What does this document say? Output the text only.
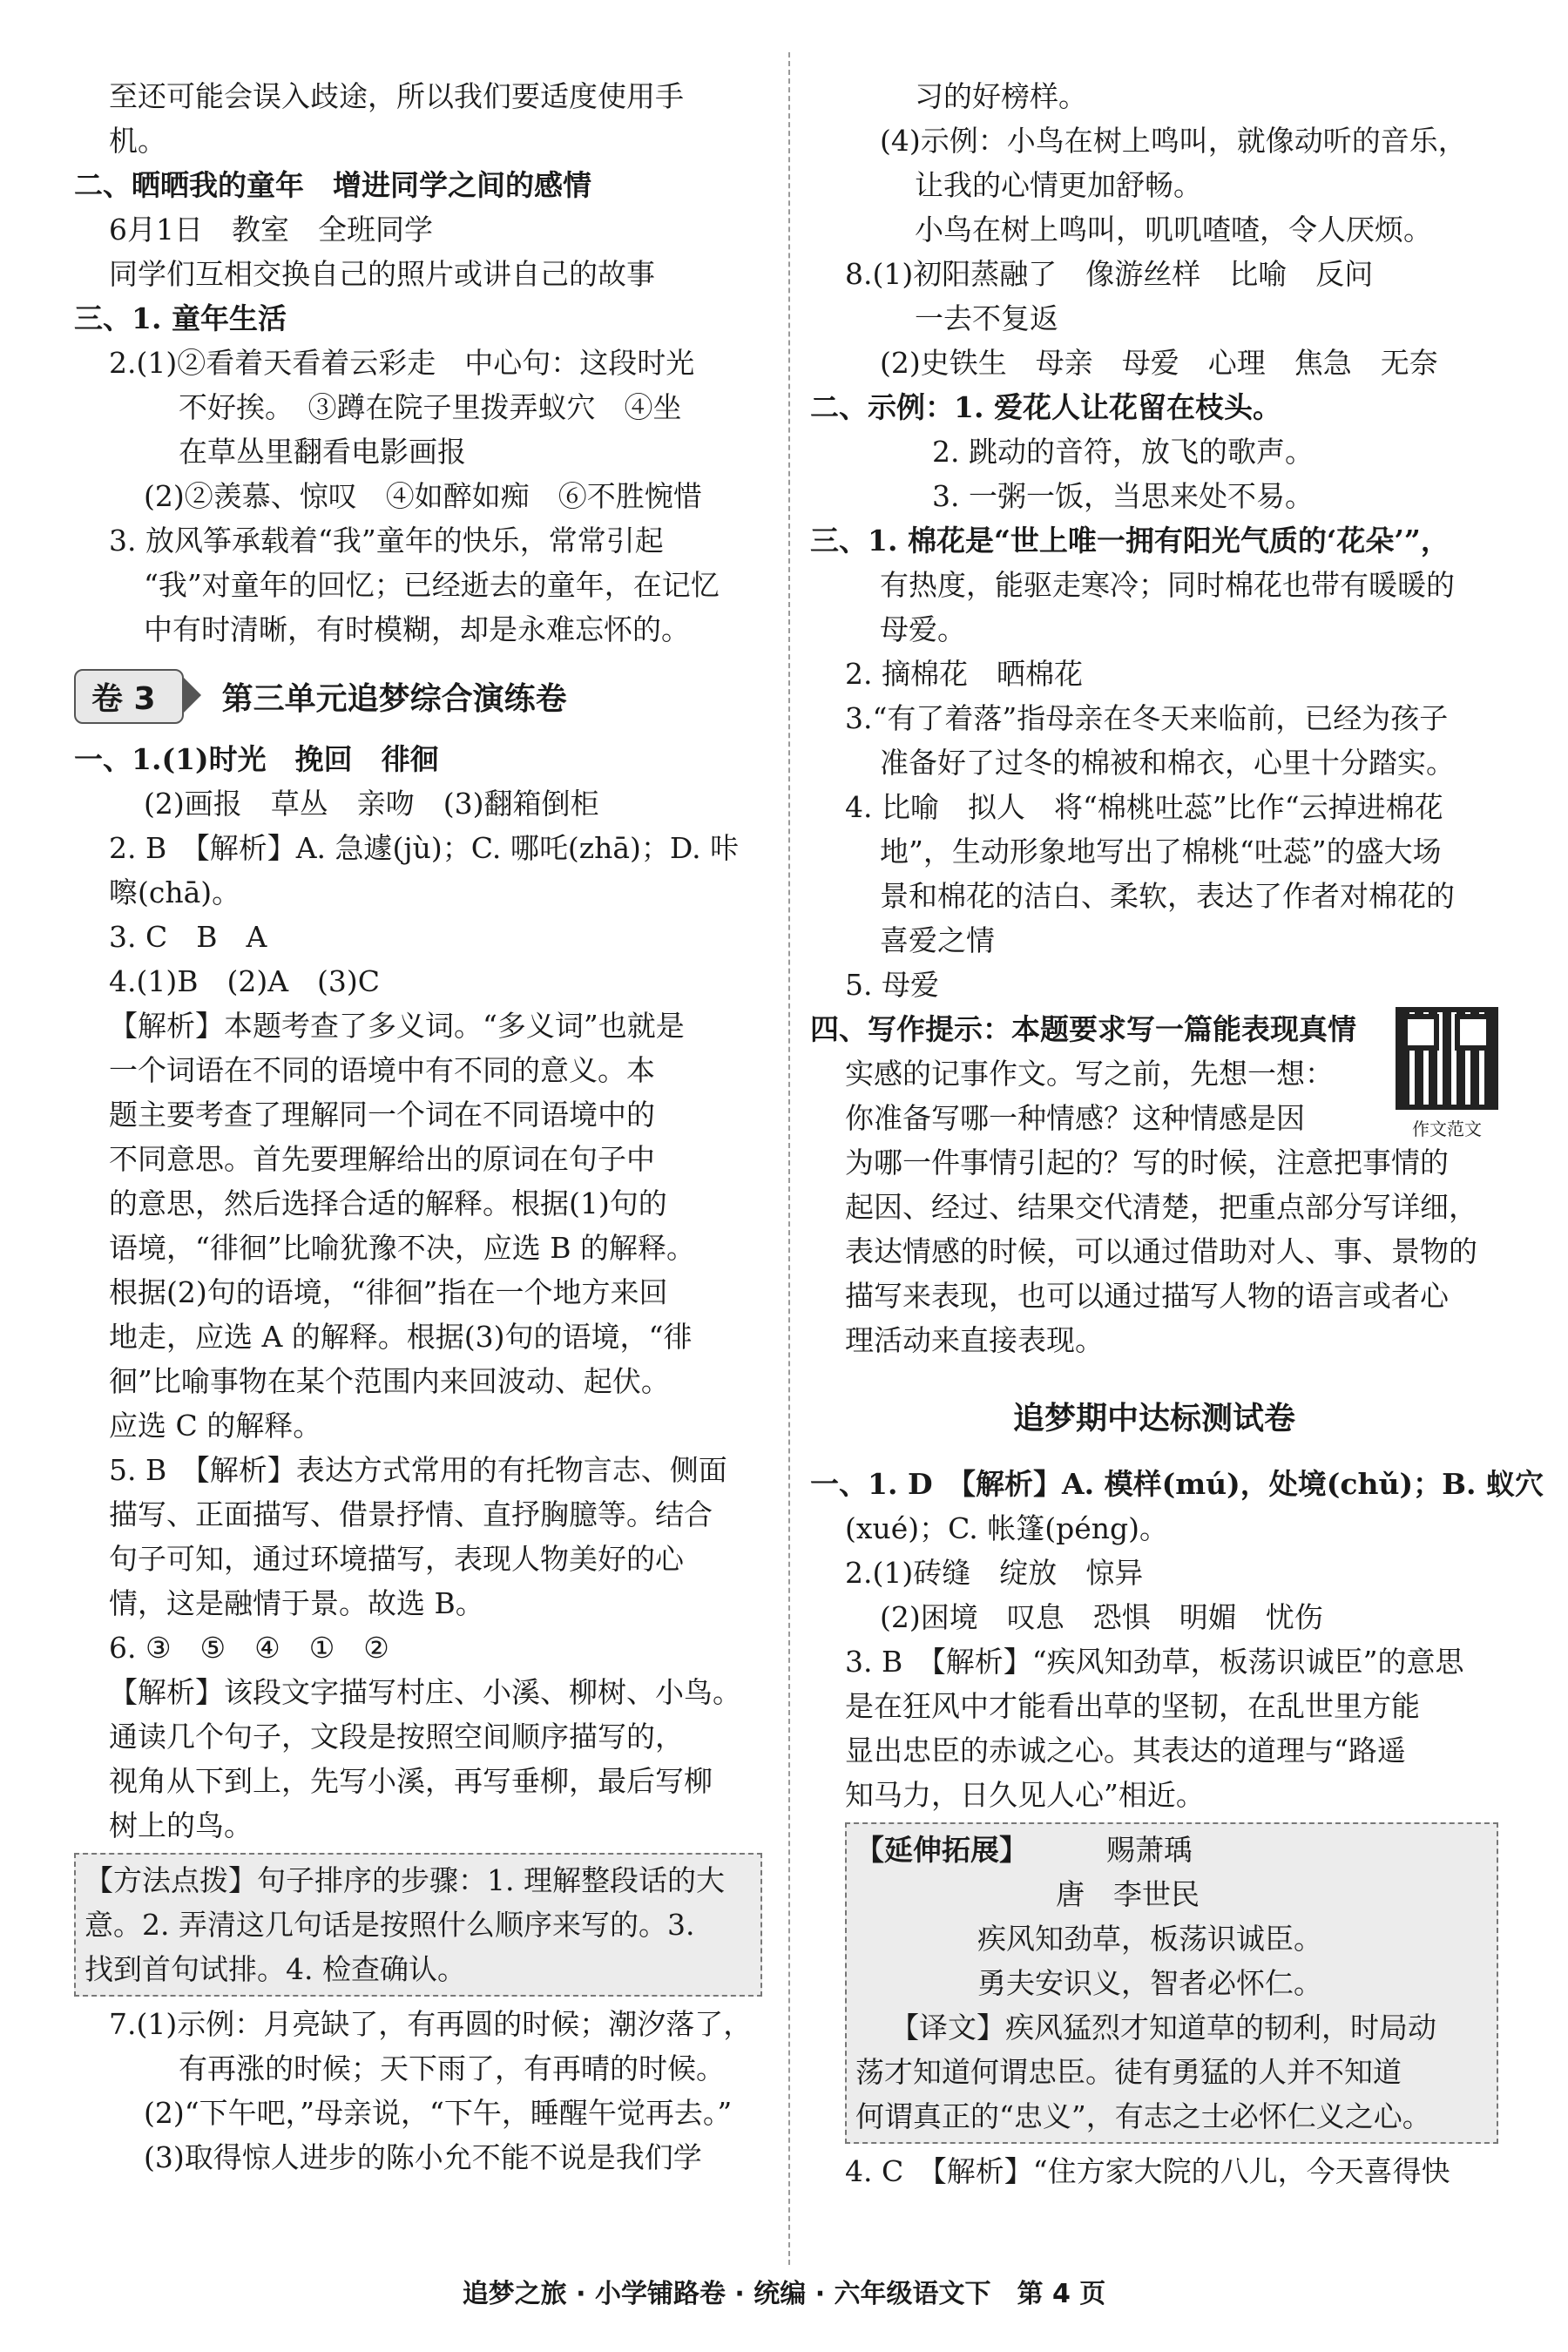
至还可能会误入歧途，所以我们要适度使用手
机。
二、晒晒我的童年　增进同学之间的感情
6月1日　教室　全班同学
同学们互相交换自己的照片或讲自己的故事
三、1. 童年生活
2.(1)②看着天看着云彩走　中心句：这段时光
不好挨。　③蹲在院子里拨弄蚁穴　④坐
在草丛里翻看电影画报
(2)②羡慕、惊叹　④如醉如痴　⑥不胜惋惜
3. 放风筝承载着“我”童年的快乐，常常引起
“我”对童年的回忆；已经逝去的童年，在记忆
中有时清晰，有时模糊，却是永难忘怀的。
卷 3	第三单元追梦综合演练卷
一、1.(1)时光　挽回　徘徊
(2)画报　草丛　亲吻　(3)翻箱倒柜
2. B　【解析】A. 急遽(jù)；C. 哪吒(zhā)；D. 咔
嚓(chā)。
3. C　B　A
4.(1)B　(2)A　(3)C
【解析】本题考查了多义词。“多义词”也就是
一个词语在不同的语境中有不同的意义。本
题主要考查了理解同一个词在不同语境中的
不同意思。首先要理解给出的原词在句子中
的意思，然后选择合适的解释。根据(1)句的
语境，“徘徊”比喻犹豫不决，应选 B 的解释。
根据(2)句的语境，“徘徊”指在一个地方来回
地走，应选 A 的解释。根据(3)句的语境，“徘
徊”比喻事物在某个范围内来回波动、起伏。
应选 C 的解释。
5. B　【解析】表达方式常用的有托物言志、侧面
描写、正面描写、借景抒情、直抒胸臆等。结合
句子可知，通过环境描写，表现人物美好的心
情，这是融情于景。故选 B。
6. ③　⑤　④　①　②
【解析】该段文字描写村庄、小溪、柳树、小鸟。
通读几个句子，文段是按照空间顺序描写的，
视角从下到上，先写小溪，再写垂柳，最后写柳
树上的鸟。
【方法点拨】句子排序的步骤：1. 理解整段话的大
意。2. 弄清这几句话是按照什么顺序来写的。3.
找到首句试排。4. 检查确认。
7.(1)示例：月亮缺了，有再圆的时候；潮汐落了，
有再涨的时候；天下雨了，有再晴的时候。
(2)“下午吧，”母亲说，“下午，睡醒午觉再去。”
(3)取得惊人进步的陈小允不能不说是我们学
习的好榜样。
(4)示例：小鸟在树上鸣叫，就像动听的音乐，
让我的心情更加舒畅。
小鸟在树上鸣叫，叽叽喳喳，令人厌烦。
8.(1)初阳蒸融了　像游丝样　比喻　反问
一去不复返
(2)史铁生　母亲　母爱　心理　焦急　无奈
二、示例：1. 爱花人让花留在枝头。
2. 跳动的音符，放飞的歌声。
3. 一粥一饭，当思来处不易。
三、1. 棉花是“世上唯一拥有阳光气质的‘花朵’”，
有热度，能驱走寒冷；同时棉花也带有暖暖的
母爱。
2. 摘棉花　晒棉花
3.“有了着落”指母亲在冬天来临前，已经为孩子
准备好了过冬的棉被和棉衣，心里十分踏实。
4. 比喻　拟人　将“棉桃吐蕊”比作“云掉进棉花
地”，生动形象地写出了棉桃“吐蕊”的盛大场
景和棉花的洁白、柔软，表达了作者对棉花的
喜爱之情
5. 母爱
作文范文
四、写作提示：本题要求写一篇能表现真情
实感的记事作文。写之前，先想一想：
你准备写哪一种情感？这种情感是因
为哪一件事情引起的？写的时候，注意把事情的
起因、经过、结果交代清楚，把重点部分写详细，
表达情感的时候，可以通过借助对人、事、景物的
描写来表现，也可以通过描写人物的语言或者心
理活动来直接表现。
追梦期中达标测试卷
一、1. D　【解析】A. 模样(mú)，处境(chǔ)；B. 蚁穴
(xué)；C. 帐篷(péng)。
2.(1)砖缝　绽放　惊异
(2)困境　叹息　恐惧　明媚　忧伤
3. B　【解析】“疾风知劲草，板荡识诚臣”的意思
是在狂风中才能看出草的坚韧，在乱世里方能
显出忠臣的赤诚之心。其表达的道理与“路遥
知马力，日久见人心”相近。
【延伸拓展】	赐萧瑀
唐　李世民
疾风知劲草，板荡识诚臣。
勇夫安识义，智者必怀仁。
【译文】疾风猛烈才知道草的韧利，时局动
荡才知道何谓忠臣。徒有勇猛的人并不知道
何谓真正的“忠义”，有志之士必怀仁义之心。
4. C　【解析】“住方家大院的八儿，今天喜得快
追梦之旅 · 小学铺路卷 · 统编 · 六年级语文下　第 4 页
